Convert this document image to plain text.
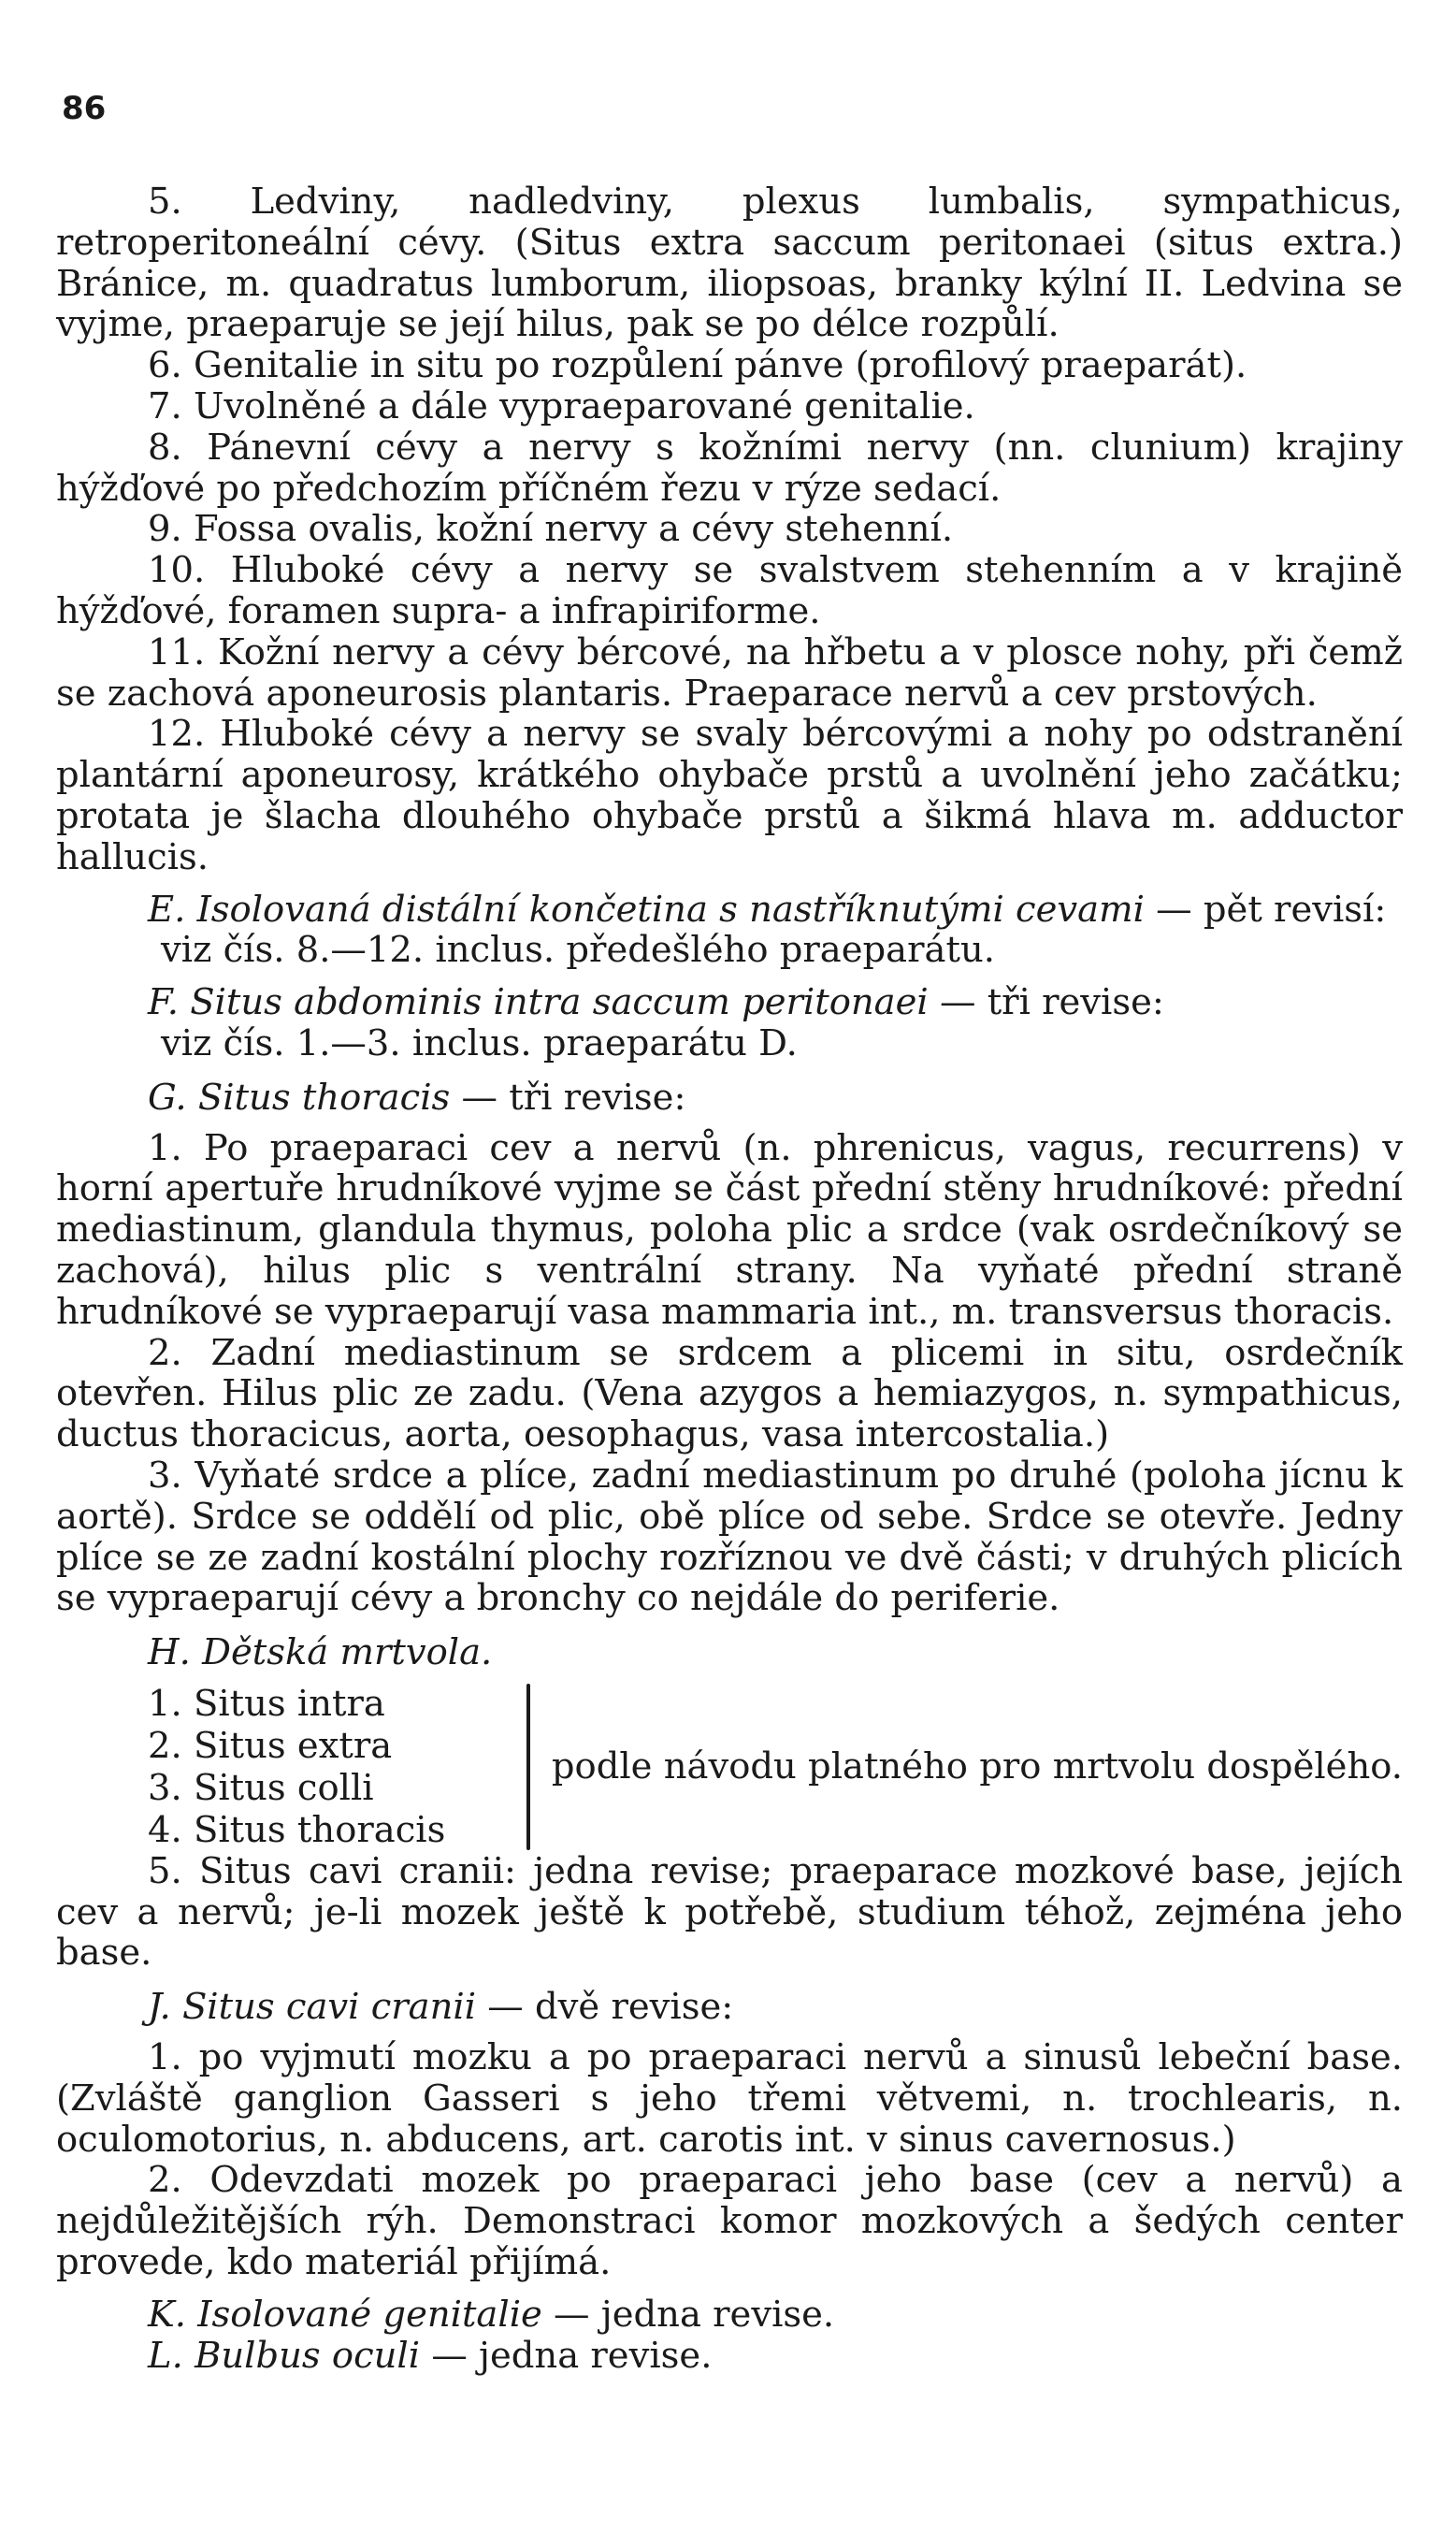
86

5. Ledviny, nadledviny, plexus lumbalis, sympathicus, retroperitoneální cévy. (Situs extra saccum peritonaei (situs extra.) Bránice, m. quadratus lumborum, iliopsoas, branky kýlní II. Ledvina se vyjme, praeparuje se její hilus, pak se po délce rozpůlí.

6. Genitalie in situ po rozpůlení pánve (profilový praeparát).

7. Uvolněné a dále vypraeparované genitalie.

8. Pánevní cévy a nervy s kožními nervy (nn. clunium) krajiny hýžďové po předchozím příčném řezu v rýze sedací.

9. Fossa ovalis, kožní nervy a cévy stehenní.

10. Hluboké cévy a nervy se svalstvem stehenním a v krajině hýžďové, foramen supra- a infrapiriforme.

11. Kožní nervy a cévy bércové, na hřbetu a v plosce nohy, při čemž se zachová aponeurosis plantaris. Praeparace nervů a cev prstových.

12. Hluboké cévy a nervy se svaly bércovými a nohy po odstranění plantární aponeurosy, krátkého ohybače prstů a uvolnění jeho začátku; protata je šlacha dlouhého ohybače prstů a šikmá hlava m. adductor hallucis.

E. Isolovaná distální končetina s nastříknutými cevami — pět revisí:

viz čís. 8.—12. inclus. předešlého praeparátu.

F. Situs abdominis intra saccum peritonaei — tři revise:

viz čís. 1.—3. inclus. praeparátu D.

G. Situs thoracis — tři revise:

1. Po praeparaci cev a nervů (n. phrenicus, vagus, recurrens) v horní apertuře hrudníkové vyjme se část přední stěny hrudníkové: přední mediastinum, glandula thymus, poloha plic a srdce (vak osrdečníkový se zachová), hilus plic s ventrální strany. Na vyňaté přední straně hrudníkové se vypraeparují vasa mammaria int., m. transversus thoracis.

2. Zadní mediastinum se srdcem a plicemi in situ, osrdečník otevřen. Hilus plic ze zadu. (Vena azygos a hemiazygos, n. sympathicus, ductus thoracicus, aorta, oesophagus, vasa intercostalia.)

3. Vyňaté srdce a plíce, zadní mediastinum po druhé (poloha jícnu k aortě). Srdce se oddělí od plic, obě plíce od sebe. Srdce se otevře. Jedny plíce se ze zadní kostální plochy rozříznou ve dvě části; v druhých plicích se vypraeparují cévy a bronchy co nejdále do periferie.

H. Dětská mrtvola.

1. Situs intra
2. Situs extra
3. Situs colli
4. Situs thoracis
podle návodu platného pro mrtvolu dospělého.

5. Situs cavi cranii: jedna revise; praeparace mozkové base, jejích cev a nervů; je-li mozek ještě k potřebě, studium téhož, zejména jeho base.

J. Situs cavi cranii — dvě revise:

1. po vyjmutí mozku a po praeparaci nervů a sinusů lebeční base. (Zvláště ganglion Gasseri s jeho třemi větvemi, n. trochlearis, n. oculomotorius, n. abducens, art. carotis int. v sinus cavernosus.)

2. Odevzdati mozek po praeparaci jeho base (cev a nervů) a nejdůležitějších rýh. Demonstraci komor mozkových a šedých center provede, kdo materiál přijímá.

K. Isolované genitalie — jedna revise.

L. Bulbus oculi — jedna revise.
